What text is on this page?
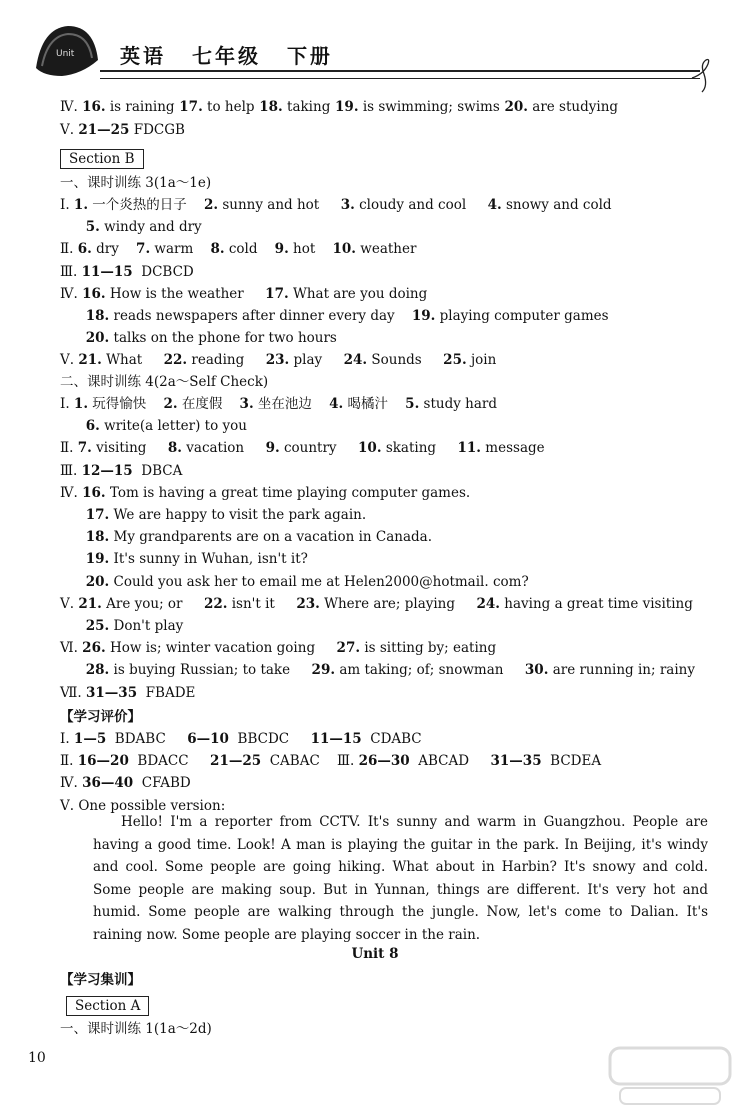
Unit 英语 七年级 下册
Ⅳ. 16. is raining 17. to help 18. taking 19. is swimming; swims 20. are studying
Ⅴ. 21—25 FDCGB
Section B
一、课时训练 3(1a～1e)
二、课时训练 4(2a～Self Check)
【学习评价】
Hello! I'm a reporter from CCTV. It's sunny and warm in Guangzhou. People are having a good time. Look! A man is playing the guitar in the park. In Beijing, it's windy and cool. Some people are going hiking. What about in Harbin? It's snowy and cold. Some people are making soup. But in Yunnan, things are different. It's very hot and humid. Some people are walking through the jungle. Now, let's come to Dalian. It's raining now. Some people are playing soccer in the rain.
Unit 8
【学习集训】
Section A
一、课时训练 1(1a～2d)
Ⅰ. 1. 一个炎热的日子    2. sunny and hot     3. cloudy and cool     4. snowy and cold
5. windy and dry
Ⅱ. 6. dry    7. warm    8. cold    9. hot    10. weather
Ⅲ. 11—15  DCBCD
Ⅳ. 16. How is the weather     17. What are you doing
18. reads newspapers after dinner every day    19. playing computer games
20. talks on the phone for two hours
Ⅴ. 21. What     22. reading     23. play     24. Sounds     25. join
Ⅰ. 1. 玩得愉快    2. 在度假    3. 坐在池边    4. 喝橘汁    5. study hard
6. write(a letter) to you
Ⅱ. 7. visiting     8. vacation     9. country     10. skating     11. message
Ⅲ. 12—15  DBCA
Ⅳ. 16. Tom is having a great time playing computer games.
17. We are happy to visit the park again.
18. My grandparents are on a vacation in Canada.
19. It's sunny in Wuhan, isn't it?
20. Could you ask her to email me at Helen2000@hotmail. com?
Ⅴ. 21. Are you; or     22. isn't it     23. Where are; playing     24. having a great time visiting
25. Don't play
Ⅵ. 26. How is; winter vacation going     27. is sitting by; eating
28. is buying Russian; to take     29. am taking; of; snowman     30. are running in; rainy
Ⅶ. 31—35  FBADE
Ⅰ. 1—5  BDABC     6—10  BBCDC     11—15  CDABC
Ⅱ. 16—20  BDACC     21—25  CABAC    Ⅲ. 26—30  ABCAD     31—35  BCDEA
Ⅳ. 36—40  CFABD
Ⅴ. One possible version:
10
